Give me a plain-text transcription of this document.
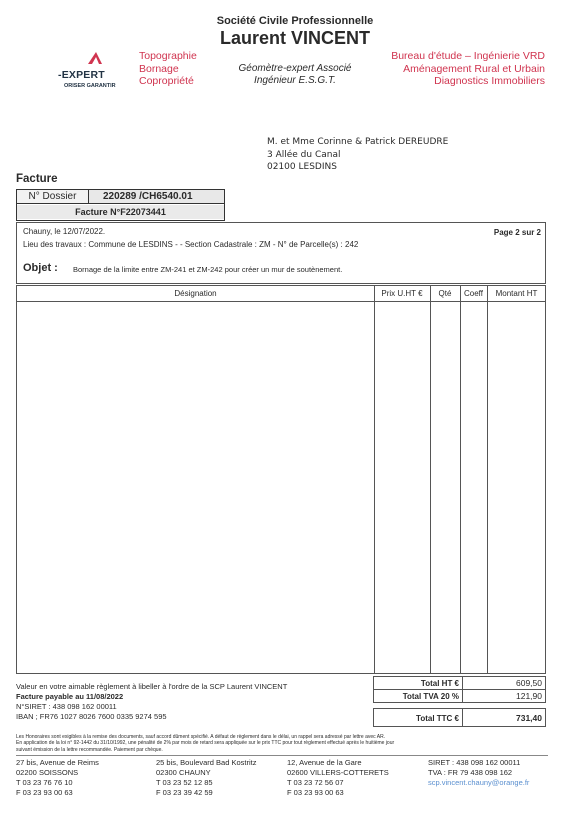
Société Civile Professionnelle
Laurent VINCENT
-EXPERT
ORISER GARANTIR
Topographie
Bornage
Copropriété
Géomètre-expert Associé
Ingénieur E.S.G.T.
Bureau d'étude – Ingénierie VRD
Aménagement Rural et Urbain
Diagnostics Immobiliers
M. et Mme Corinne & Patrick DEREUDRE
3 Allée du Canal
02100 LESDINS
Facture
N° Dossier	220289 /CH6540.01
Facture N°F22073441
Chauny, le 12/07/2022.	Page 2 sur 2
Lieu des travaux : Commune de LESDINS - - Section Cadastrale : ZM - N° de Parcelle(s) : 242
Objet : Bornage de la limite entre ZM-241 et ZM-242 pour créer un mur de soutènement.
Désignation	Prix U.HT €	Qté	Coeff	Montant HT
Total HT €	609,50
Total TVA 20 %	121,90
Total TTC €	731,40
Valeur en votre aimable règlement à libeller à l'ordre de la SCP Laurent VINCENT
Facture payable au 11/08/2022
N°SIRET : 438 098 162 00011
IBAN ; FR76 1027 8026 7600 0335 9274 595
Les Honoraires sont exigibles à la remise des documents, sauf accord dûment spécifié. A défaut de règlement dans le délai, un rappel sera adressé par lettre avec AR.
En application de la loi n° 92-1442 du 31/10/1992, une pénalité de 2% par mois de retard sera appliquée sur le prix TTC pour tout règlement effectué après le huitième jour
suivant émission de la lettre recommandée. Paiement par chèque.
27 bis, Avenue de Reims
02200 SOISSONS
T 03 23 76 76 10
F 03 23 93 00 63
25 bis, Boulevard Bad Kostritz
02300 CHAUNY
T 03 23 52 12 85
F 03 23 39 42 59
12, Avenue de la Gare
02600 VILLERS-COTTERETS
T 03 23 72 56 07
F 03 23 93 00 63
SIRET : 438 098 162 00011
TVA : FR 79 438 098 162
scp.vincent.chauny@orange.fr
